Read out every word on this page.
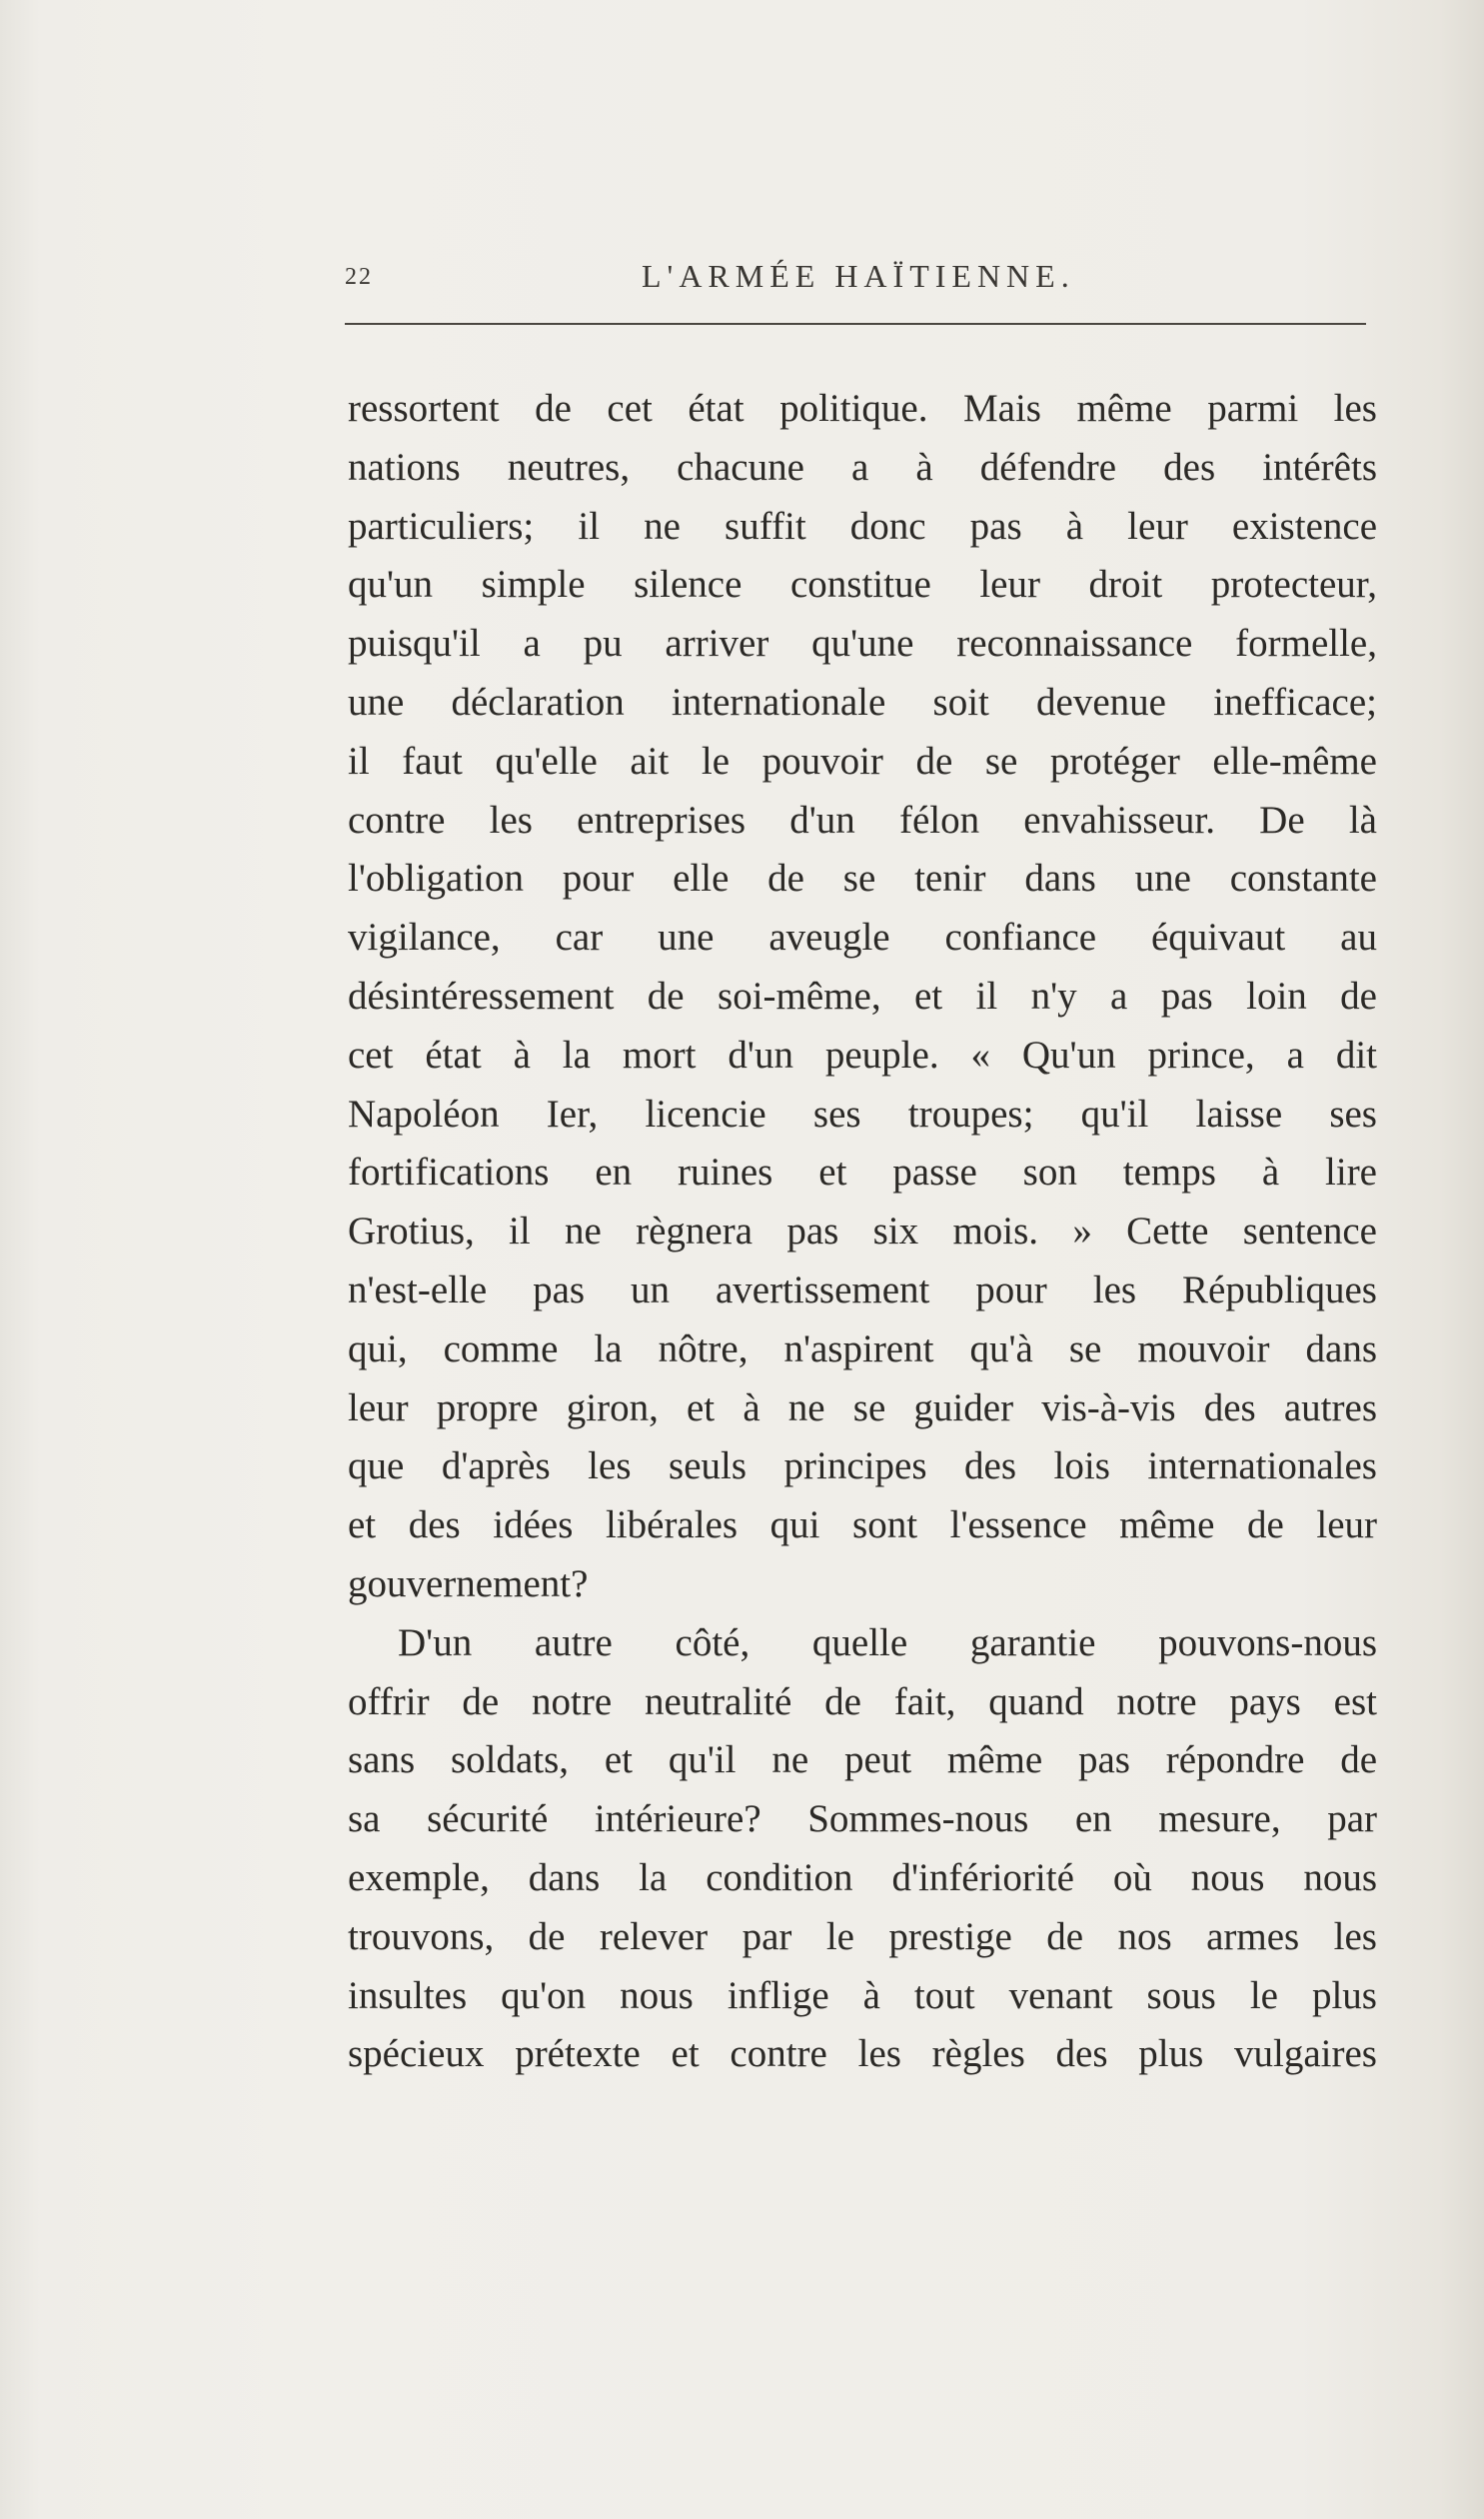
22	L'ARMÉE HAÏTIENNE.
ressortent de cet état politique. Mais même parmi les
nations neutres, chacune a à défendre des intérêts
particuliers; il ne suffit donc pas à leur existence
qu'un simple silence constitue leur droit protecteur,
puisqu'il a pu arriver qu'une reconnaissance formelle,
une déclaration internationale soit devenue inefficace;
il faut qu'elle ait le pouvoir de se protéger elle-même
contre les entreprises d'un félon envahisseur. De là
l'obligation pour elle de se tenir dans une constante
vigilance, car une aveugle confiance équivaut au
désintéressement de soi-même, et il n'y a pas loin de
cet état à la mort d'un peuple. « Qu'un prince, a dit
Napoléon Ier, licencie ses troupes; qu'il laisse ses
fortifications en ruines et passe son temps à lire
Grotius, il ne règnera pas six mois. » Cette sentence
n'est-elle pas un avertissement pour les Républiques
qui, comme la nôtre, n'aspirent qu'à se mouvoir dans
leur propre giron, et à ne se guider vis-à-vis des autres
que d'après les seuls principes des lois internationales
et des idées libérales qui sont l'essence même de leur
gouvernement?
D'un autre côté, quelle garantie pouvons-nous
offrir de notre neutralité de fait, quand notre pays est
sans soldats, et qu'il ne peut même pas répondre de
sa sécurité intérieure? Sommes-nous en mesure, par
exemple, dans la condition d'infériorité où nous nous
trouvons, de relever par le prestige de nos armes les
insultes qu'on nous inflige à tout venant sous le plus
spécieux prétexte et contre les règles des plus vulgaires
